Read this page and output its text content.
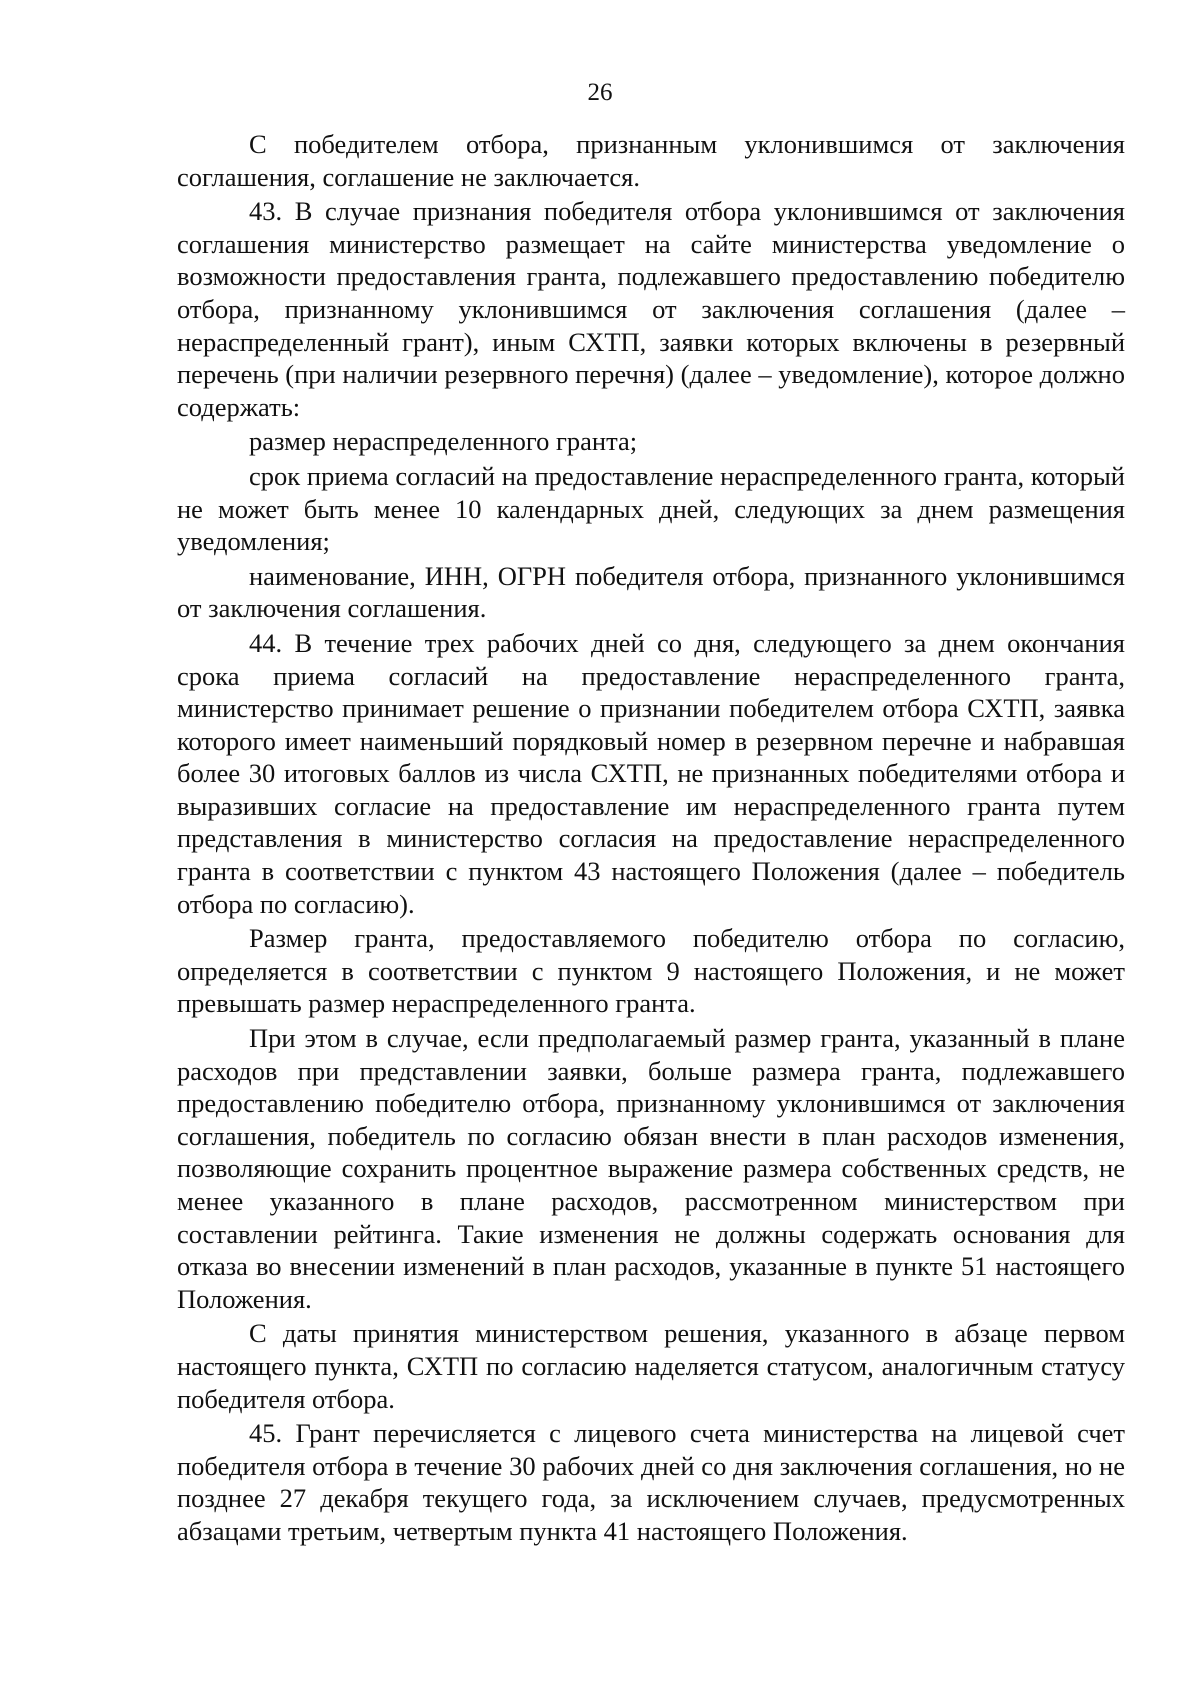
26

С победителем отбора, признанным уклонившимся от заключения соглашения, соглашение не заключается.

43. В случае признания победителя отбора уклонившимся от заключения соглашения министерство размещает на сайте министерства уведомление о возможности предоставления гранта, подлежавшего предоставлению победителю отбора, признанному уклонившимся от заключения соглашения (далее – нераспределенный грант), иным СХТП, заявки которых включены в резервный перечень (при наличии резервного перечня) (далее – уведомление), которое должно содержать:

размер нераспределенного гранта;

срок приема согласий на предоставление нераспределенного гранта, который не может быть менее 10 календарных дней, следующих за днем размещения уведомления;

наименование, ИНН, ОГРН победителя отбора, признанного уклонившимся от заключения соглашения.

44. В течение трех рабочих дней со дня, следующего за днем окончания срока приема согласий на предоставление нераспределенного гранта, министерство принимает решение о признании победителем отбора СХТП, заявка которого имеет наименьший порядковый номер в резервном перечне и набравшая более 30 итоговых баллов из числа СХТП, не признанных победителями отбора и выразивших согласие на предоставление им нераспределенного гранта путем представления в министерство согласия на предоставление нераспределенного гранта в соответствии с пунктом 43 настоящего Положения (далее – победитель отбора по согласию).

Размер гранта, предоставляемого победителю отбора по согласию, определяется в соответствии с пунктом 9 настоящего Положения, и не может превышать размер нераспределенного гранта.

При этом в случае, если предполагаемый размер гранта, указанный в плане расходов при представлении заявки, больше размера гранта, подлежавшего предоставлению победителю отбора, признанному уклонившимся от заключения соглашения, победитель по согласию обязан внести в план расходов изменения, позволяющие сохранить процентное выражение размера собственных средств, не менее указанного в плане расходов, рассмотренном министерством при составлении рейтинга. Такие изменения не должны содержать основания для отказа во внесении изменений в план расходов, указанные в пункте 51 настоящего Положения.

С даты принятия министерством решения, указанного в абзаце первом настоящего пункта, СХТП по согласию наделяется статусом, аналогичным статусу победителя отбора.

45. Грант перечисляется с лицевого счета министерства на лицевой счет победителя отбора в течение 30 рабочих дней со дня заключения соглашения, но не позднее 27 декабря текущего года, за исключением случаев, предусмотренных абзацами третьим, четвертым пункта 41 настоящего Положения.
